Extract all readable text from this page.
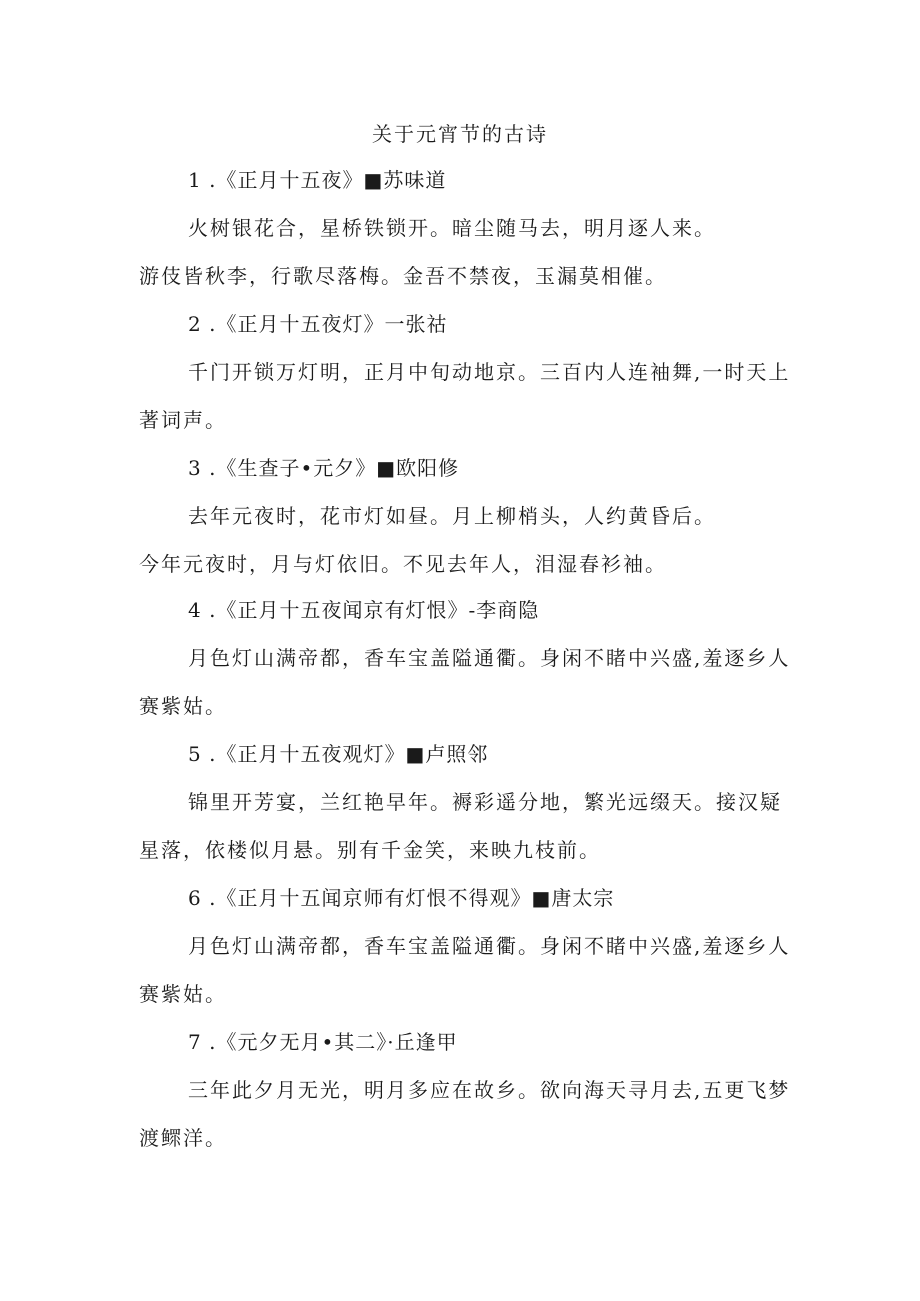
关于元宵节的古诗
1 .《正月十五夜》■苏味道
火树银花合，星桥铁锁开。暗尘随马去，明月逐人来。
游伎皆秋李，行歌尽落梅。金吾不禁夜，玉漏莫相催。
2 .《正月十五夜灯》一张祜
千门开锁万灯明，正月中旬动地京。三百内人连袖舞,一时天上
著词声。
3 .《生查子•元夕》■欧阳修
去年元夜时，花市灯如昼。月上柳梢头，人约黄昏后。
今年元夜时，月与灯依旧。不见去年人，泪湿春衫袖。
4 .《正月十五夜闻京有灯恨》-李商隐
月色灯山满帝都，香车宝盖隘通衢。身闲不睹中兴盛,羞逐乡人
赛紫姑。
5 .《正月十五夜观灯》■卢照邻
锦里开芳宴，兰红艳早年。褥彩遥分地，繁光远缀天。接汉疑
星落，依楼似月悬。别有千金笑，来映九枝前。
6 .《正月十五闻京师有灯恨不得观》■唐太宗
月色灯山满帝都，香车宝盖隘通衢。身闲不睹中兴盛,羞逐乡人
赛紫姑。
7 .《元夕无月•其二》·丘逢甲
三年此夕月无光，明月多应在故乡。欲向海天寻月去,五更飞梦
渡鳏洋。
